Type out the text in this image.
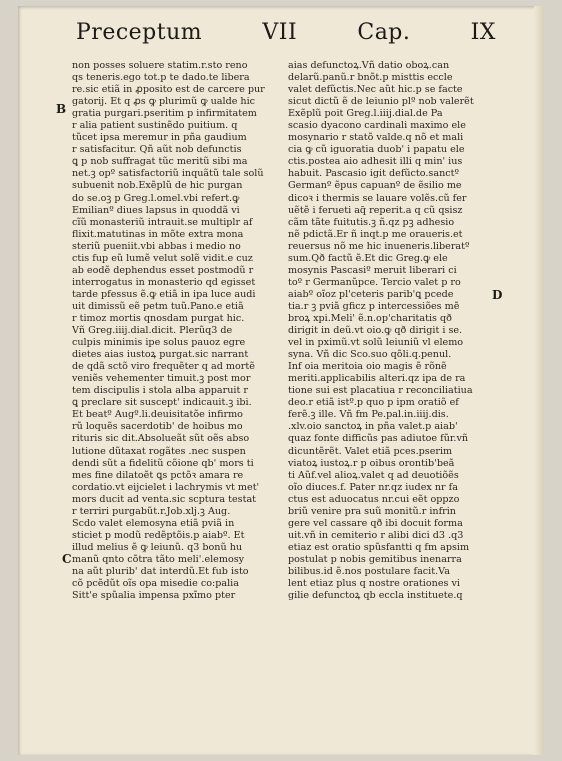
Preceptum	VII	Cap.	IX
non posses soluere statim.r.sto reno
qs teneris.ego tot.p te dado.te libera
re.sic etiã in ꝓposito est de carcere pur
gatorij. Et q ꝓs ꝙ plurimũ ꝙ ualde hic
gratia purgari.pseritim p infirmitatem
r alia patient sustinẽdo puitium. q
tũcet ipsa meremur in pña gaudium
r satisfacitur. Qñ aũt nob defunctis
ꝗ p nob suffragat tũc meritũ sibi ma
net.ꝫ opº satisfactoriũ inquãtũ tale solũ
subuenit nob.Exẽplũ de hic purgan
do se.oꝫ p Greg.l.omel.vbi refert.ꝙ
Emilianº diues lapsus in quoddã vi
cĩũ monasteriũ intrauit.se multiplr af
flixit.matutinas in mõte extra mona
steriũ pueniit.vbi abbas i medio no
ctis fup eũ lumẽ velut solẽ vidit.e cuz
ab eodẽ dephendus esset postmodũ r
interrogatus in monasterio qd egisset
tarde pfessus ẽ.ꝙ etiã in ipa luce audi
uit dimissũ eẽ petm tuũ.Pano.e etiã
r timoz mortis qnosdam purgat hic.
Vñ Greg.iiij.dial.dicit. Plerũq3 de
culpis minimis ipe solus pauoz egre
dietes aias iustoꝝ purgat.sic narrant
de qdã sctõ viro frequẽter q ad mortẽ
veniẽs vehementer timuit.ꝫ post mor
tem discipulis i stola alba apparuit r
ꝗ preclare sit suscept' indicauit.ꝫ ibi.
Et beatº Augº.li.deuisitatõe infirmo
rũ loquẽs sacerdotib' de hoibus mo
rituris sic dit.Absolueãt sũt oẽs abso
lutione dũtaxat rogãtes .nec suspen
dendi sũt a fidelitũ cõione qb' mors ti
mes fine dilatoẽt ꝗs pctõꝛ amara re
cordatio.vt eijcielet i lachrymis vt met'
mors ducit ad venta.sic scptura testat
r terriri purgabũt.r.Job.xlj.ꝫ Aug.
Scdo valet elemosyna etiã pviã in
sticiet p modũ redẽptõis.p aiabº. Et
illud melius ẽ ꝙ leiunũ. q3 bonũ hu
manũ qnto cõtra tãto meli'.elemosy
na aũt plurib' dat interdũ.Et fub isto
cõ pcẽdũt oĩs opa misedie co:palia
Sitt'e spũalia impensa pxĩmo pter
aias defunctoꝝ.Vñ datio oboꝝ.can
delarũ.panũ.r bnõt.p misttis eccle
valet defũctis.Nec aũt hic.p se facte
sicut dictũ ẽ de leiunio plº nob valerẽt
Exẽplũ poit Greg.l.iiij.dial.de Pa
scasio dyacono cardinali maximo ele
mosynario r statõ valde.q nõ et mali
cia ꝙ cũ iguoratia duob' i papatu ele
ctis.postea aio adhesit illi q min' ius
habuit. Pascasio igit defũcto.sanctº
Germanº ẽpus capuanº de ẽsilio me
dicoꝛ i thermis se lauare volẽs.cũ fer
uẽtẽ i ferueti aq̃ reperit.a q cũ qsisz
cãm tãte fuitutis.ꝫ ñ.qz pꝫ adhesio
nẽ pdictã.Er ñ inqt.p me oraueris.et
reuersus nõ me hic inueneris.liberatº
sum.Qð factũ ẽ.Et dic Greg.ꝙ ele
mosynis Pascasiº meruit liberari ci
toº r Germanũpce. Tercio valet p ro
aiabº oĩoz pl'ceteris parib'ꝗ pcede
tia.r ꝫ pviã gficz p intercessiões mẽ
broꝝ xpi.Meli' ẽ.n.op'charitatis qð
dirigit in deũ.vt oio.ꝙ qð dirigit i se.
vel in pximũ.vt solũ leiuniũ vl elemo
syna. Vñ dic Sco.suo qõli.q.penul.
Inf oia meritoia oio magis ẽ rõnẽ
meriti.applicabilis alteri.qz ipa de ra
tione sui est placatiua r reconciliatiua
deo.r etiã istº.p quo p ipm oratiõ ef
ferẽ.ꝫ ille. Vñ fm Pe.pal.in.iiij.dis.
.xlv.oio sanctoꝝ in pña valet.p aiab'
quaz fonte difficũs pas adiutoe fũr.vñ
dicuntẽrẽt. Valet etiã pces.pserim
viatoꝝ iustoꝝ.r p oibus orontib'beã
ti Aũf.vel alioꝝ.valet q ad deuotiõẽs
oĩo diuces.f. Pater nr.qz iudex nr fa
ctus est aduocatus nr.cui eẽt oppzo
briũ venire pra suũ monitũ.r infrin
gere vel cassare qð ibi docuit forma
uit.vñ in cemiterio r alibi dici d3 .q3
etiaz est oratio spũsfantti q fm apsim
postulat p nobis gemitibus inenarra
bilibus.id ẽ.nos postulare facit.Va
lent etiaz plus q nostre orationes vi
gilie defunctoꝝ qb eccla instituete.q
B
C
D
